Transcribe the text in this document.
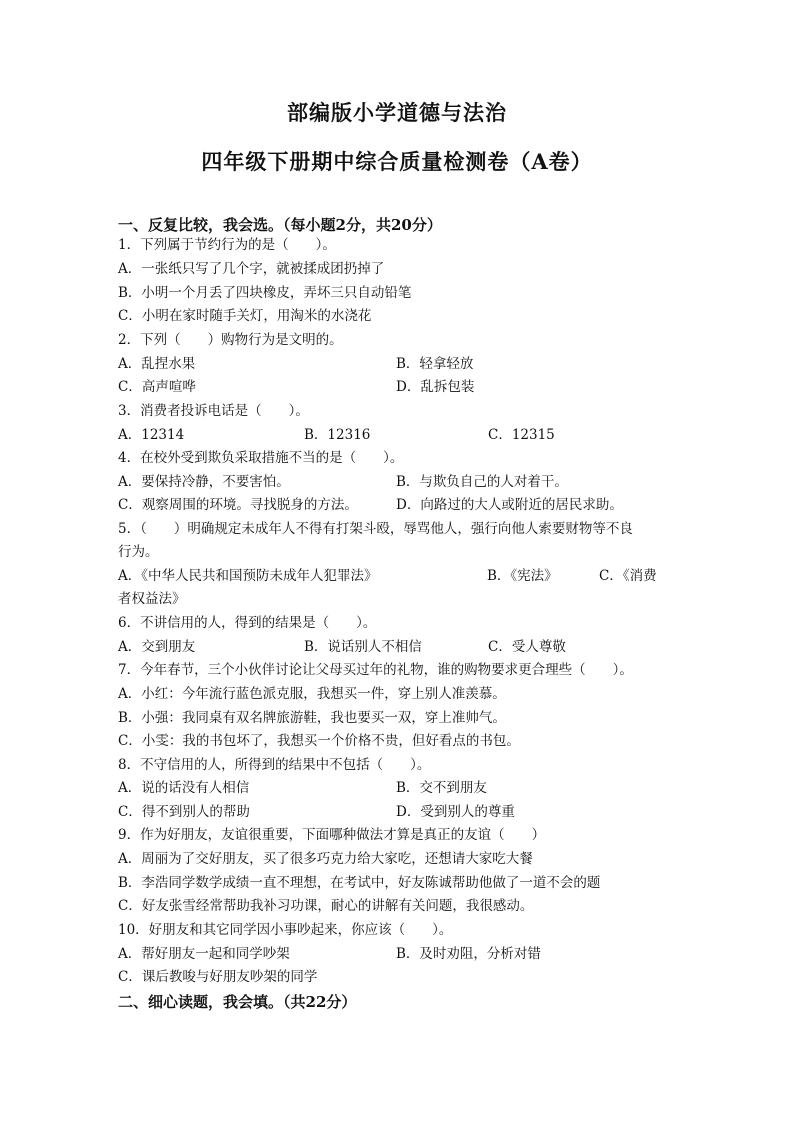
部编版小学道德与法治
四年级下册期中综合质量检测卷（A卷）
一、反复比较，我会选。（每小题2分，共20分）
1．下列属于节约行为的是（　　）。
A．一张纸只写了几个字，就被揉成团扔掉了
B．小明一个月丢了四块橡皮，弄坏三只自动铅笔
C．小明在家时随手关灯，用淘米的水浇花
2．下列（　　）购物行为是文明的。
A．乱捏水果	B．轻拿轻放
C．高声喧哗	D．乱拆包装
3．消费者投诉电话是（　　）。
A．12314	B．12316	C．12315
4．在校外受到欺负采取措施不当的是（　　）。
A．要保持冷静，不要害怕。	B．与欺负自己的人对着干。
C．观察周围的环境。寻找脱身的方法。	D．向路过的大人或附近的居民求助。
5．（　　）明确规定未成年人不得有打架斗殴，辱骂他人，强行向他人索要财物等不良
行为。
A．《中华人民共和国预防未成年人犯罪法》	B．《宪法》	C．《消费
者权益法》
6．不讲信用的人，得到的结果是（　　）。
A．交到朋友	B．说话别人不相信	C．受人尊敬
7．今年春节，三个小伙伴讨论让父母买过年的礼物，谁的购物要求更合理些（　　）。
A．小红：今年流行蓝色派克服，我想买一件，穿上别人准羡慕。
B．小强：我同桌有双名牌旅游鞋，我也要买一双，穿上准帅气。
C．小雯：我的书包坏了，我想买一个价格不贵，但好看点的书包。
8．不守信用的人，所得到的结果中不包括（　　）。
A．说的话没有人相信	B．交不到朋友
C．得不到别人的帮助	D．受到别人的尊重
9．作为好朋友，友谊很重要，下面哪种做法才算是真正的友谊（　　）
A．周丽为了交好朋友，买了很多巧克力给大家吃，还想请大家吃大餐
B．李浩同学数学成绩一直不理想，在考试中，好友陈诚帮助他做了一道不会的题
C．好友张雪经常帮助我补习功课，耐心的讲解有关问题，我很感动。
10．好朋友和其它同学因小事吵起来，你应该（　　）。
A．帮好朋友一起和同学吵架	B．及时劝阻，分析对错
C．课后教唆与好朋友吵架的同学
二、细心读题，我会填。（共22分）
